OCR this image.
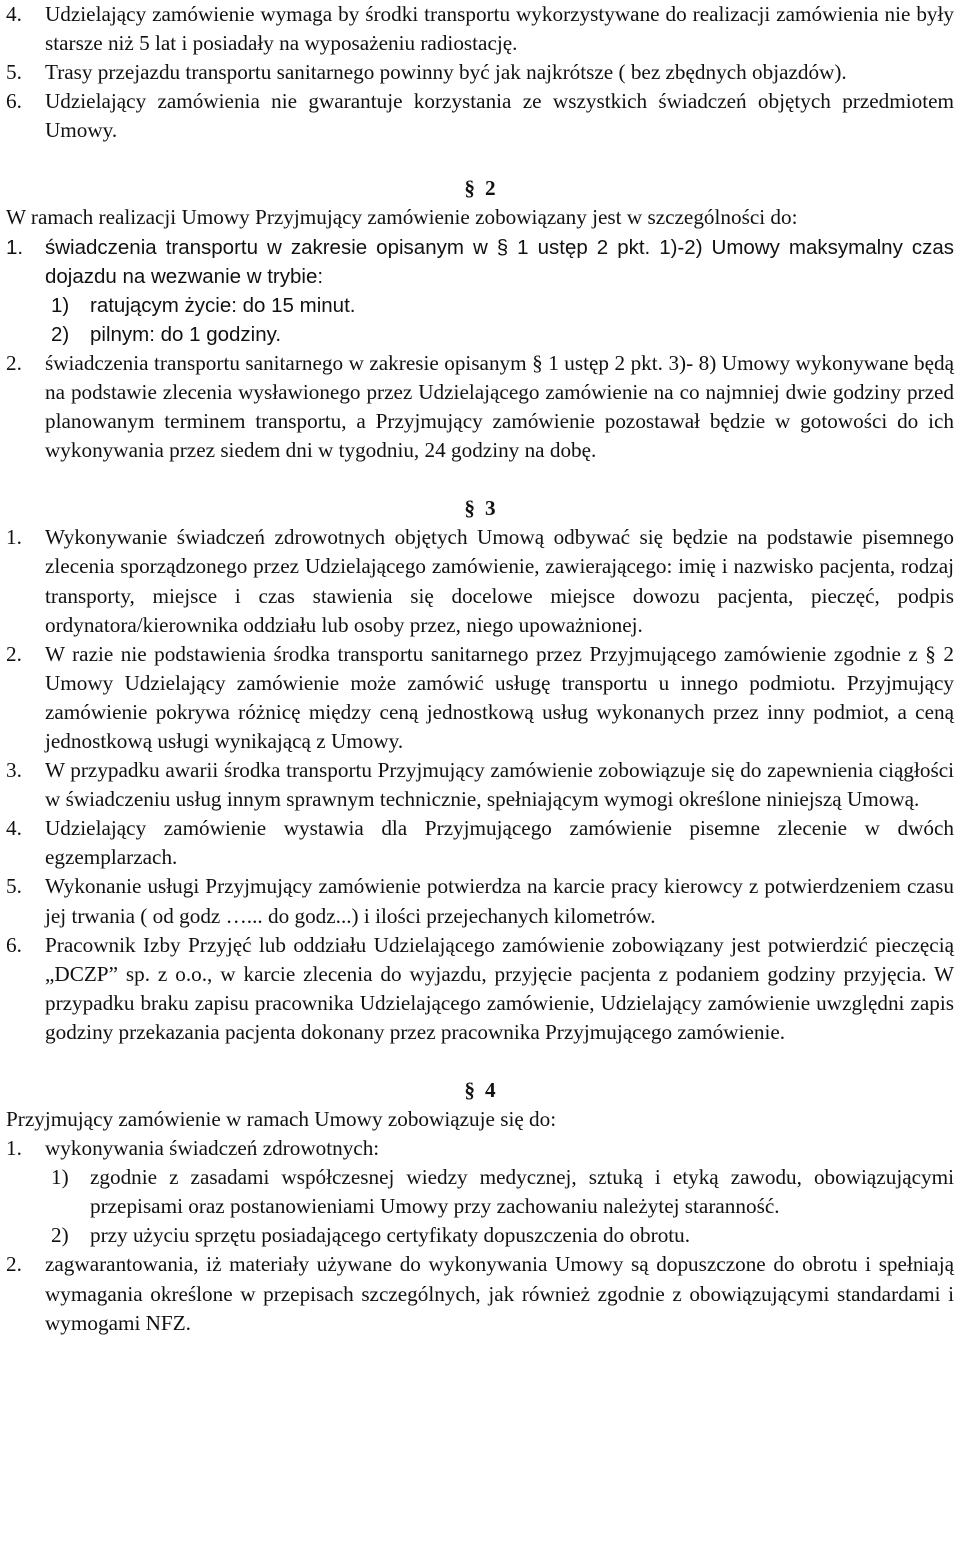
4.	Udzielający zamówienie wymaga by środki transportu wykorzystywane do realizacji zamówienia nie były starsze niż 5 lat i posiadały na wyposażeniu radiostację.
5.	Trasy przejazdu transportu sanitarnego powinny być jak najkrótsze ( bez zbędnych objazdów).
6.	Udzielający zamówienia nie gwarantuje korzystania ze wszystkich świadczeń objętych przedmiotem Umowy.
§ 2
W ramach realizacji Umowy Przyjmujący zamówienie zobowiązany jest w szczególności do:
1.	świadczenia transportu w zakresie opisanym w § 1 ustęp 2 pkt. 1)-2) Umowy maksymalny czas dojazdu na wezwanie w trybie:
1)	ratującym życie: do 15 minut.
2)	pilnym: do 1 godziny.
2.	świadczenia transportu sanitarnego w zakresie opisanym § 1 ustęp 2 pkt. 3)- 8) Umowy wykonywane będą na podstawie zlecenia wysławionego przez Udzielającego zamówienie na co najmniej dwie godziny przed planowanym terminem transportu, a Przyjmujący zamówienie pozostawał będzie w gotowości do ich wykonywania przez siedem dni w tygodniu, 24 godziny na dobę.
§ 3
1.	Wykonywanie świadczeń zdrowotnych objętych Umową odbywać się będzie na podstawie pisemnego zlecenia sporządzonego przez Udzielającego zamówienie, zawierającego: imię i nazwisko pacjenta, rodzaj transporty, miejsce i czas stawienia się docelowe miejsce dowozu pacjenta, pieczęć, podpis ordynatora/kierownika oddziału lub osoby przez, niego upoważnionej.
2.	W razie nie podstawienia środka transportu sanitarnego przez Przyjmującego zamówienie zgodnie z § 2 Umowy Udzielający zamówienie może zamówić usługę transportu u innego podmiotu. Przyjmujący zamówienie pokrywa różnicę między ceną jednostkową usług wykonanych przez inny podmiot, a ceną jednostkową usługi wynikającą z Umowy.
3.	W przypadku awarii środka transportu Przyjmujący zamówienie zobowiązuje się do zapewnienia ciągłości w świadczeniu usług innym sprawnym technicznie, spełniającym wymogi określone niniejszą Umową.
4.	Udzielający zamówienie wystawia dla Przyjmującego zamówienie pisemne zlecenie w dwóch egzemplarzach.
5.	Wykonanie usługi Przyjmujący zamówienie potwierdza na karcie pracy kierowcy z potwierdzeniem czasu jej trwania ( od godz …... do godz...) i ilości przejechanych kilometrów.
6.	Pracownik Izby Przyjęć lub oddziału Udzielającego zamówienie zobowiązany jest potwierdzić pieczęcią „DCZP” sp. z o.o., w karcie zlecenia do wyjazdu, przyjęcie pacjenta z podaniem godziny przyjęcia. W przypadku braku zapisu pracownika Udzielającego zamówienie, Udzielający zamówienie uwzględni zapis godziny przekazania pacjenta dokonany przez pracownika Przyjmującego zamówienie.
§ 4
Przyjmujący zamówienie w ramach Umowy zobowiązuje się do:
1.	wykonywania świadczeń zdrowotnych:
1)	zgodnie z zasadami współczesnej wiedzy medycznej, sztuką i etyką zawodu, obowiązującymi przepisami oraz postanowieniami Umowy przy zachowaniu należytej staranność.
2)	przy użyciu sprzętu posiadającego certyfikaty dopuszczenia do obrotu.
2.	zagwarantowania, iż materiały używane do wykonywania Umowy są dopuszczone do obrotu i spełniają wymagania określone w przepisach szczególnych, jak również zgodnie z obowiązującymi standardami i wymogami NFZ.
